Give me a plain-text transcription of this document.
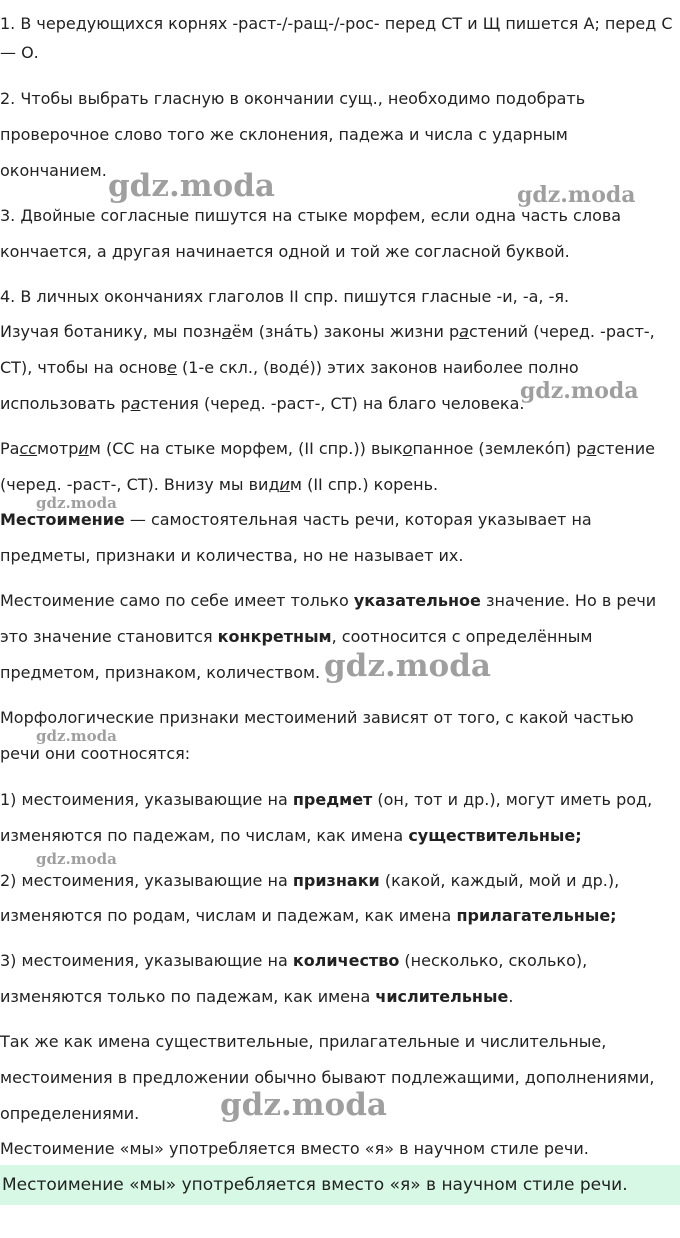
1. В чередующихся корнях -раст-/-ращ-/-рос- перед СТ и Щ пишется А; перед С

— О.

2. Чтобы выбрать гласную в окончании сущ., необходимо подобрать

проверочное слово того же склонения, падежа и числа с ударным

окончанием.

3. Двойные согласные пишутся на стыке морфем, если одна часть слова

кончается, а другая начинается одной и той же согласной буквой.

4. В личных окончаниях глаголов II спр. пишутся гласные -и, -а, -я.

Изучая ботанику, мы познаём (зна́ть) законы жизни растений (черед. -раст-,

СТ), чтобы на основе (1-е скл., (водé)) этих законов наиболее полно

использовать растения (черед. -раст-, СТ) на благо человека.

Рассмотрим (СС на стыке морфем, (II спр.)) выкопанное (землекóп) растение

(черед. -раст-, СТ). Внизу мы видим (II спр.) корень.

Местоимение — самостоятельная часть речи, которая указывает на

предметы, признаки и количества, но не называет их.

Местоимение само по себе имеет только указательное значение. Но в речи

это значение становится конкретным, соотносится с определённым

предметом, признаком, количеством.

Морфологические признаки местоимений зависят от того, с какой частью

речи они соотносятся:

1) местоимения, указывающие на предмет (он, тот и др.), могут иметь род,

изменяются по падежам, по числам, как имена существительные;

2) местоимения, указывающие на признаки (какой, каждый, мой и др.),

изменяются по родам, числам и падежам, как имена прилагательные;

3) местоимения, указывающие на количество (несколько, сколько),

изменяются только по падежам, как имена числительные.

Так же как имена существительные, прилагательные и числительные,

местоимения в предложении обычно бывают подлежащими, дополнениями,

определениями.

Местоимение «мы» употребляется вместо «я» в научном стиле речи.

Местоимение «мы» употребляется вместо «я» в научном стиле речи.
gdz.moda	gdz.moda
gdz.moda
gdz.moda
gdz.moda
gdz.moda
gdz.moda
gdz.moda
